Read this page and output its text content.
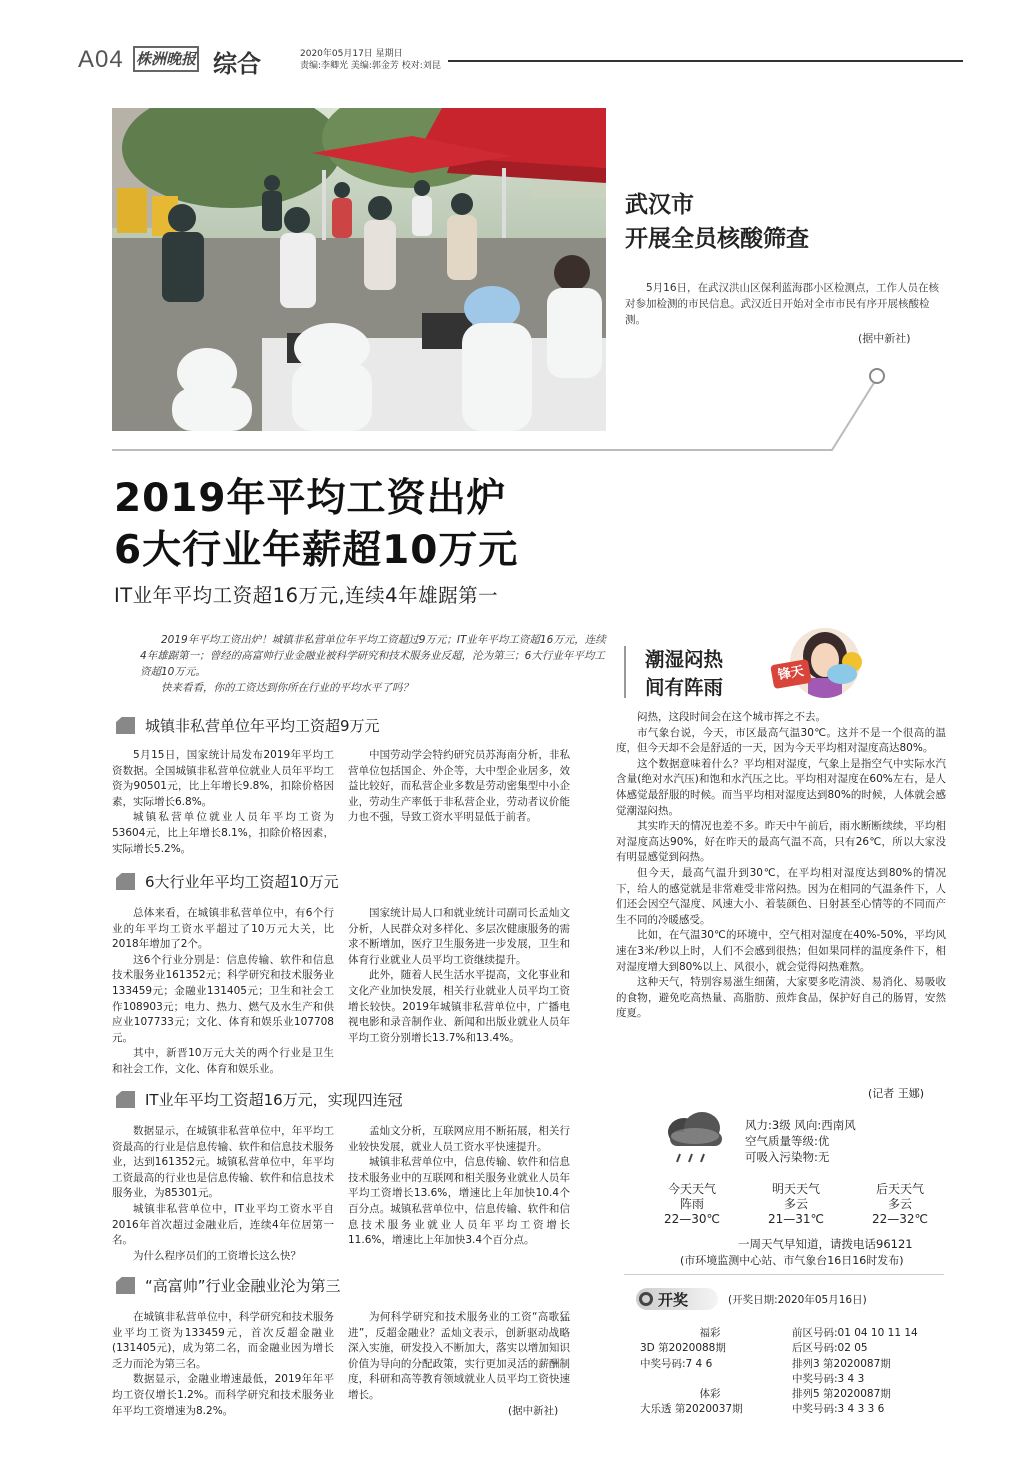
A04 株洲晚报 综合	2020年05月17日 星期日
责编:李卿光 美编:郭金芳 校对:刘昆
武汉市
开展全员核酸筛查

5月16日，在武汉洪山区保利蓝海郡小区检测点，工作人员在核对参加检测的市民信息。武汉近日开始对全市市民有序开展核酸检测。

(据中新社)
2019年平均工资出炉
6大行业年薪超10万元
IT业年平均工资超16万元,连续4年雄踞第一

2019年平均工资出炉！城镇非私营单位年平均工资超过9万元；IT业年平均工资超16万元，连续4年雄踞第一；曾经的高富帅行业金融业被科学研究和技术服务业反超，沦为第三；6大行业年平均工资超10万元。

快来看看，你的工资达到你所在行业的平均水平了吗？

城镇非私营单位年平均工资超9万元

5月15日，国家统计局发布2019年平均工资数据。全国城镇非私营单位就业人员年平均工资为90501元，比上年增长9.8%，扣除价格因素，实际增长6.8%。

城镇私营单位就业人员年平均工资为53604元，比上年增长8.1%，扣除价格因素，实际增长5.2%。

中国劳动学会特约研究员苏海南分析，非私营单位包括国企、外企等，大中型企业居多，效益比较好，而私营企业多数是劳动密集型中小企业，劳动生产率低于非私营企业，劳动者议价能力也不强，导致工资水平明显低于前者。

6大行业年平均工资超10万元

总体来看，在城镇非私营单位中，有6个行业的年平均工资水平超过了10万元大关，比2018年增加了2个。

这6个行业分别是：信息传输、软件和信息技术服务业161352元；科学研究和技术服务业133459元；金融业131405元；卫生和社会工作108903元；电力、热力、燃气及水生产和供应业107733元；文化、体育和娱乐业107708元。

其中，新晋10万元大关的两个行业是卫生和社会工作，文化、体育和娱乐业。

国家统计局人口和就业统计司副司长孟灿文分析，人民群众对多样化、多层次健康服务的需求不断增加，医疗卫生服务进一步发展，卫生和体育行业就业人员平均工资继续提升。

此外，随着人民生活水平提高，文化事业和文化产业加快发展，相关行业就业人员平均工资增长较快。2019年城镇非私营单位中，广播电视电影和录音制作业、新闻和出版业就业人员年平均工资分别增长13.7%和13.4%。

IT业年平均工资超16万元，实现四连冠

数据显示，在城镇非私营单位中，年平均工资最高的行业是信息传输、软件和信息技术服务业，达到161352元。城镇私营单位中，年平均工资最高的行业也是信息传输、软件和信息技术服务业，为85301元。

城镇非私营单位中，IT业平均工资水平自2016年首次超过金融业后，连续4年位居第一名。

为什么程序员们的工资增长这么快？

孟灿文分析，互联网应用不断拓展，相关行业较快发展，就业人员工资水平快速提升。

城镇非私营单位中，信息传输、软件和信息技术服务业中的互联网和相关服务业就业人员年平均工资增长13.6%，增速比上年加快10.4个百分点。城镇私营单位中，信息传输、软件和信息技术服务业就业人员年平均工资增长11.6%，增速比上年加快3.4个百分点。

“高富帅”行业金融业沦为第三

在城镇非私营单位中，科学研究和技术服务业平均工资为133459元，首次反超金融业(131405元)，成为第二名，而金融业因为增长乏力而沦为第三名。

数据显示，金融业增速最低，2019年年平均工资仅增长1.2%。而科学研究和技术服务业年平均工资增速为8.2%。

为何科学研究和技术服务业的工资“高歌猛进”，反超金融业？孟灿文表示，创新驱动战略深入实施，研发投入不断加大，落实以增加知识价值为导向的分配政策，实行更加灵活的薪酬制度，科研和高等教育领域就业人员平均工资快速增长。

(据中新社)
潮湿闷热
间有阵雨
锋天

闷热，这段时间会在这个城市挥之不去。

市气象台说，今天，市区最高气温30℃。这并不是一个很高的温度，但今天却不会是舒适的一天，因为今天平均相对湿度高达80%。

这个数据意味着什么？平均相对湿度，气象上是指空气中实际水汽含量(绝对水汽压)和饱和水汽压之比。平均相对湿度在60%左右，是人体感觉最舒服的时候。而当平均相对湿度达到80%的时候，人体就会感觉潮湿闷热。

其实昨天的情况也差不多。昨天中午前后，雨水断断续续，平均相对湿度高达90%，好在昨天的最高气温不高，只有26℃，所以大家没有明显感觉到闷热。

但今天，最高气温升到30℃，在平均相对湿度达到80%的情况下，给人的感觉就是非常难受非常闷热。因为在相同的气温条件下，人们还会因空气湿度、风速大小、着装颜色、日射甚至心情等的不同而产生不同的冷暖感受。

比如，在气温30℃的环境中，空气相对湿度在40%-50%，平均风速在3米/秒以上时，人们不会感到很热；但如果同样的温度条件下，相对湿度增大到80%以上、风很小，就会觉得闷热难熬。

这种天气，特别容易滋生细菌，大家要多吃清淡、易消化、易吸收的食物，避免吃高热量、高脂肪、煎炸食品，保护好自己的肠胃，安然度夏。

(记者 王娜)
风力:3级 风向:西南风
空气质量等级:优
可吸入污染物:无
今天天气
阵雨
22—30℃
明天天气
多云
21—31℃
后天天气
多云
22—32℃
一周天气早知道，请拨电话96121
(市环境监测中心站、市气象台16日16时发布)
开奖	(开奖日期:2020年05月16日)
福彩
3D 第2020088期
中奖号码:7 4 6
体彩
大乐透 第2020037期
前区号码:01 04 10 11 14
后区号码:02 05
排列3 第2020087期
中奖号码:3 4 3
排列5 第2020087期
中奖号码:3 4 3 3 6
